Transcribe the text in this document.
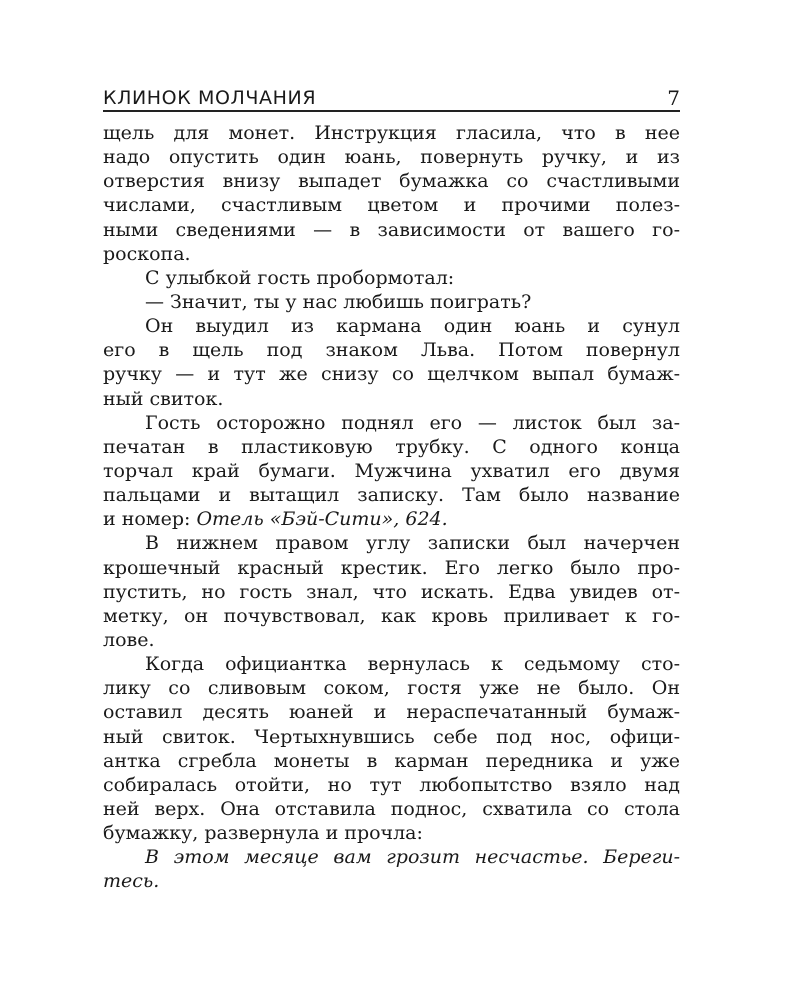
КЛИНОК МОЛЧАНИЯ	7
щель для монет. Инструкция гласила, что в нее
надо опустить один юань, повернуть ручку, и из
отверстия внизу выпадет бумажка со счастливыми
числами, счастливым цветом и прочими полез-
ными сведениями — в зависимости от вашего го-
роскопа.
С улыбкой гость пробормотал:
— Значит, ты у нас любишь поиграть?
Он выудил из кармана один юань и сунул
его в щель под знаком Льва. Потом повернул
ручку — и тут же снизу со щелчком выпал бумаж-
ный свиток.
Гость осторожно поднял его — листок был за-
печатан в пластиковую трубку. С одного конца
торчал край бумаги. Мужчина ухватил его двумя
пальцами и вытащил записку. Там было название
и номер: Отель «Бэй-Сити», 624.
В нижнем правом углу записки был начерчен
крошечный красный крестик. Его легко было про-
пустить, но гость знал, что искать. Едва увидев от-
метку, он почувствовал, как кровь приливает к го-
лове.
Когда официантка вернулась к седьмому сто-
лику со сливовым соком, гостя уже не было. Он
оставил десять юаней и нераспечатанный бумаж-
ный свиток. Чертыхнувшись себе под нос, офици-
антка сгребла монеты в карман передника и уже
собиралась отойти, но тут любопытство взяло над
ней верх. Она отставила поднос, схватила со стола
бумажку, развернула и прочла:
В этом месяце вам грозит несчастье. Береги-
тесь.
